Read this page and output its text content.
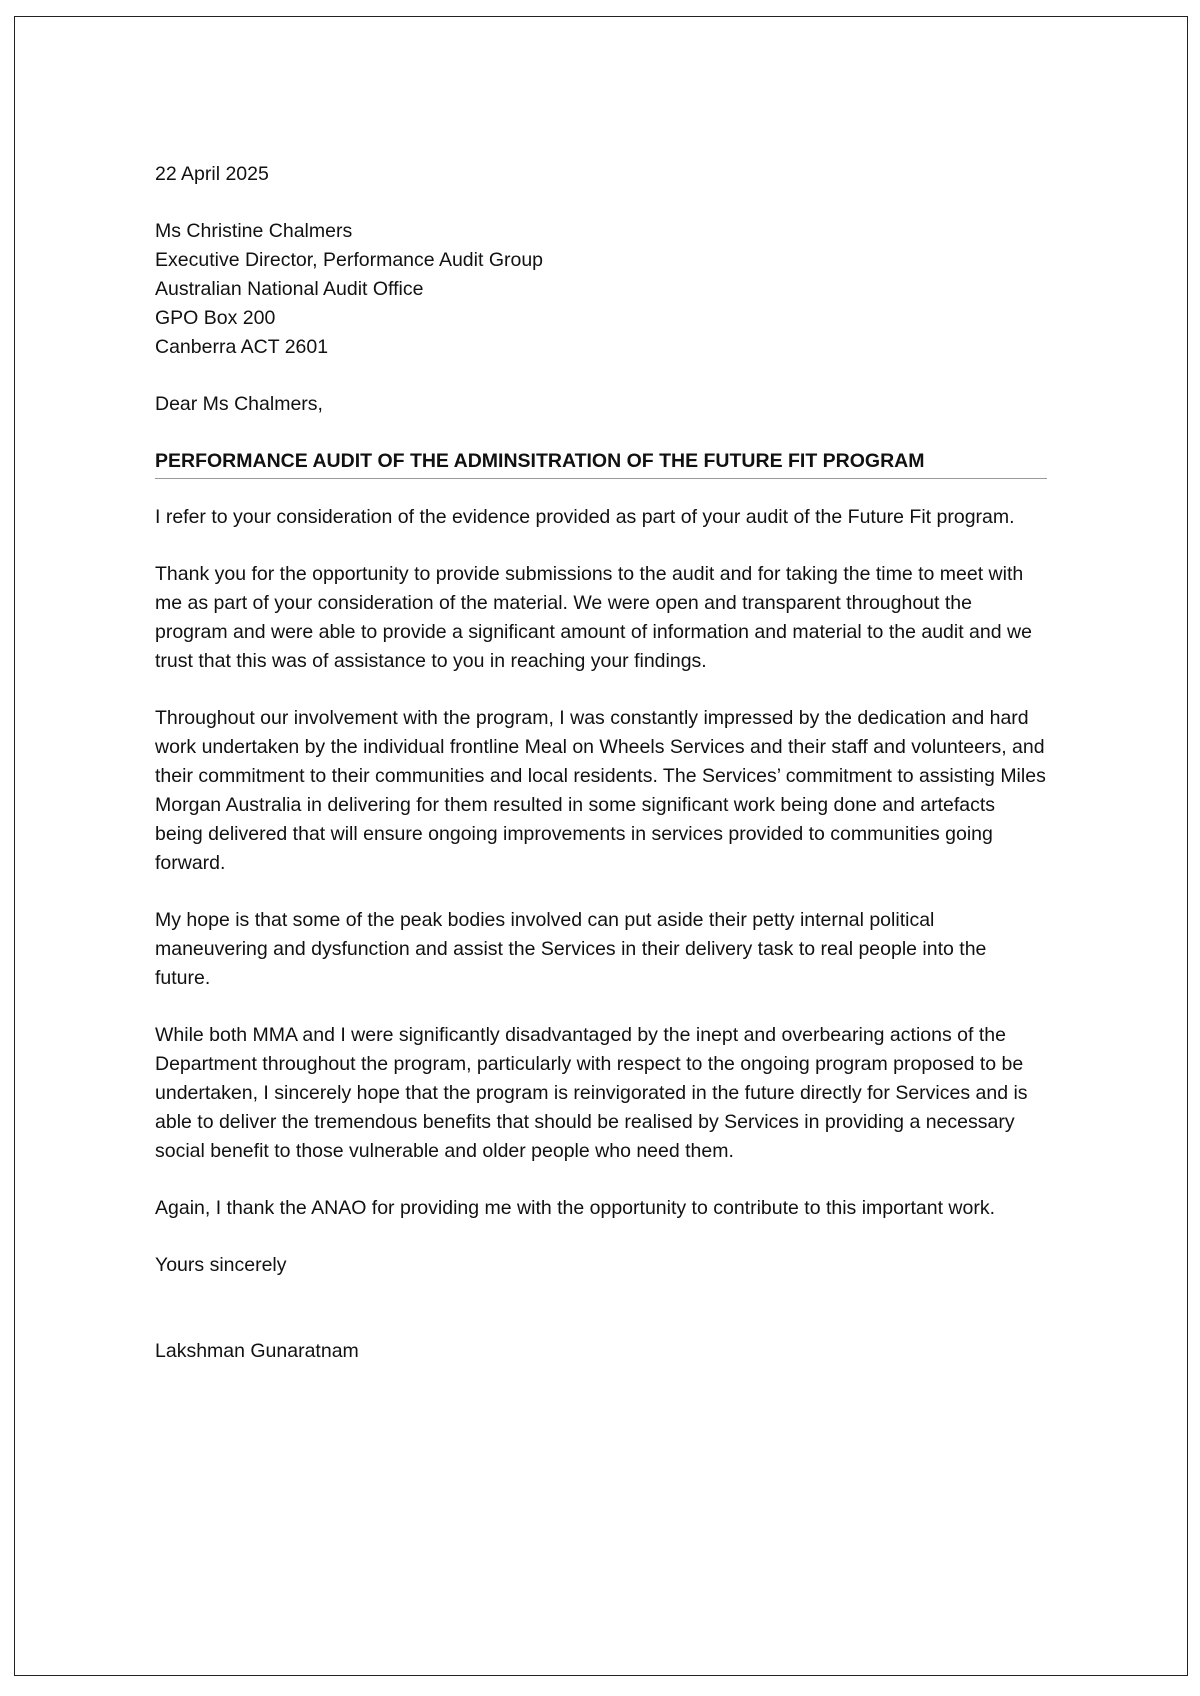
22 April 2025

Ms Christine Chalmers
Executive Director, Performance Audit Group
Australian National Audit Office
GPO Box 200
Canberra ACT 2601

Dear Ms Chalmers,

PERFORMANCE AUDIT OF THE ADMINSITRATION OF THE FUTURE FIT PROGRAM

I refer to your consideration of the evidence provided as part of your audit of the Future Fit program.

Thank you for the opportunity to provide submissions to the audit and for taking the time to meet with me as part of your consideration of the material. We were open and transparent throughout the program and were able to provide a significant amount of information and material to the audit and we trust that this was of assistance to you in reaching your findings.

Throughout our involvement with the program, I was constantly impressed by the dedication and hard work undertaken by the individual frontline Meal on Wheels Services and their staff and volunteers, and their commitment to their communities and local residents. The Services’ commitment to assisting Miles Morgan Australia in delivering for them resulted in some significant work being done and artefacts being delivered that will ensure ongoing improvements in services provided to communities going forward.

My hope is that some of the peak bodies involved can put aside their petty internal political maneuvering and dysfunction and assist the Services in their delivery task to real people into the future.

While both MMA and I were significantly disadvantaged by the inept and overbearing actions of the Department throughout the program, particularly with respect to the ongoing program proposed to be undertaken, I sincerely hope that the program is reinvigorated in the future directly for Services and is able to deliver the tremendous benefits that should be realised by Services in providing a necessary social benefit to those vulnerable and older people who need them.

Again, I thank the ANAO for providing me with the opportunity to contribute to this important work.

Yours sincerely

Lakshman Gunaratnam
